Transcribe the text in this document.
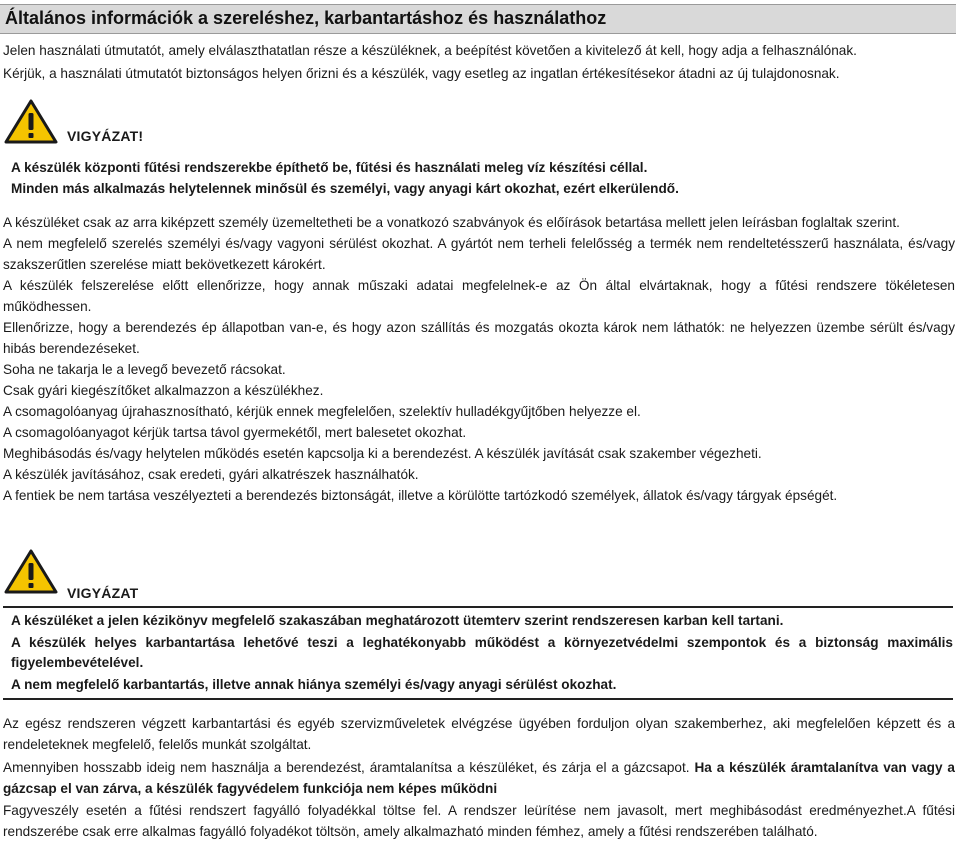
Általános információk a szereléshez, karbantartáshoz és használathoz

Jelen használati útmutatót, amely elválaszthatatlan része a készüléknek, a beépítést követően a kivitelező át kell, hogy adja a felhasználónak.

Kérjük, a használati útmutatót biztonságos helyen őrizni és a készülék, vagy esetleg az ingatlan értékesítésekor átadni az új tulajdonosnak.

VIGYÁZAT!

A készülék központi fűtési rendszerekbe építhető be, fűtési és használati meleg víz készítési céllal.

Minden más alkalmazás helytelennek minősül és személyi, vagy anyagi kárt okozhat, ezért elkerülendő.

A készüléket csak az arra kiképzett személy üzemeltetheti be a vonatkozó szabványok és előírások betartása mellett jelen leírásban foglaltak szerint.

A nem megfelelő szerelés személyi és/vagy vagyoni sérülést okozhat. A gyártót nem terheli felelősség a termék nem rendeltetésszerű használata, és/vagy szakszerűtlen szerelése miatt bekövetkezett károkért.

A készülék felszerelése előtt ellenőrizze, hogy annak műszaki adatai megfelelnek-e az Ön által elvártaknak, hogy a fűtési rendszere tökéletesen működhessen.

Ellenőrizze, hogy a berendezés ép állapotban van-e, és hogy azon szállítás és mozgatás okozta károk nem láthatók: ne helyezzen üzembe sérült és/vagy hibás berendezéseket.

Soha ne takarja le a levegő bevezető rácsokat.

Csak gyári kiegészítőket alkalmazzon a készülékhez.

A csomagolóanyag újrahasznosítható, kérjük ennek megfelelően, szelektív hulladékgyűjtőben helyezze el.

A csomagolóanyagot kérjük tartsa távol gyermekétől, mert balesetet okozhat.

Meghibásodás és/vagy helytelen működés esetén kapcsolja ki a berendezést. A készülék javítását csak szakember végezheti.

A készülék javításához, csak eredeti, gyári alkatrészek használhatók.

A fentiek be nem tartása veszélyezteti a berendezés biztonságát, illetve a körülötte tartózkodó személyek, állatok és/vagy tárgyak épségét.

VIGYÁZAT

A készüléket a jelen kézikönyv megfelelő szakaszában meghatározott ütemterv szerint rendszeresen karban kell tartani.

A készülék helyes karbantartása lehetővé teszi a leghatékonyabb működést a környezetvédelmi szempontok és a biztonság maximális figyelembevételével.

A nem megfelelő karbantartás, illetve annak hiánya személyi és/vagy anyagi sérülést okozhat.

Az egész rendszeren végzett karbantartási és egyéb szervizműveletek elvégzése ügyében forduljon olyan szakemberhez, aki megfelelően képzett és a rendeleteknek megfelelő, felelős munkát szolgáltat.

Amennyiben hosszabb ideig nem használja a berendezést, áramtalanítsa a készüléket, és zárja el a gázcsapot. Ha a készülék áramtalanítva van vagy a gázcsap el van zárva, a készülék fagyvédelem funkciója nem képes működni

Fagyveszély esetén a fűtési rendszert fagyálló folyadékkal töltse fel. A rendszer leürítése nem javasolt, mert meghibásodást eredményezhet.A fűtési rendszerébe csak erre alkalmas fagyálló folyadékot töltsön, amely alkalmazható minden fémhez, amely a fűtési rendszerében található.
